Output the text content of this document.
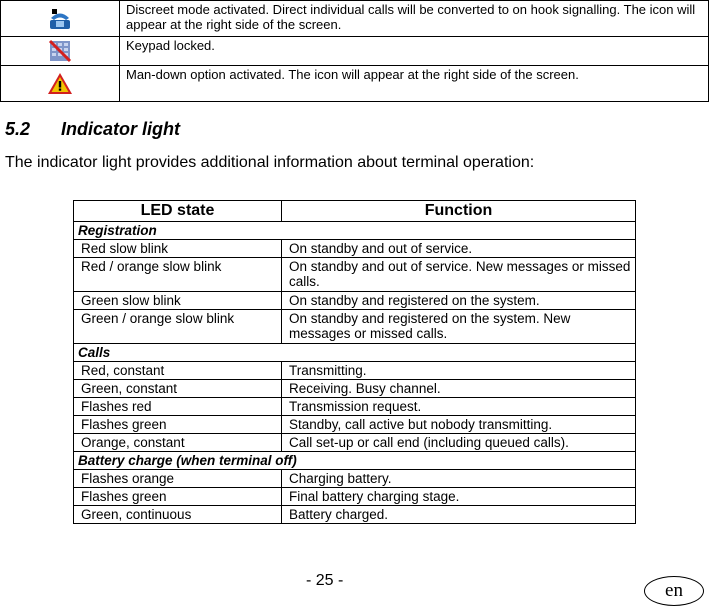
	Discreet mode activated. Direct individual calls will be converted to on hook signalling. The icon will appear at the right side of the screen.
	Keypad locked.
	Man-down option activated. The icon will appear at the right side of the screen.
5.2 Indicator light

The indicator light provides additional information about terminal operation:

LED state	Function
Registration	
Red slow blink	On standby and out of service.
Red / orange slow blink	On standby and out of service. New messages or missed calls.
Green slow blink	On standby and registered on the system.
Green / orange slow blink	On standby and registered on the system. New messages or missed calls.
Calls	
Red, constant	Transmitting.
Green, constant	Receiving. Busy channel.
Flashes red	Transmission request.
Flashes green	Standby, call active but nobody transmitting.
Orange, constant	Call set-up or call end (including queued calls).
Battery charge (when terminal off)	
Flashes orange	Charging battery.
Flashes green	Final battery charging stage.
Green, continuous	Battery charged.
- 25 -	en
